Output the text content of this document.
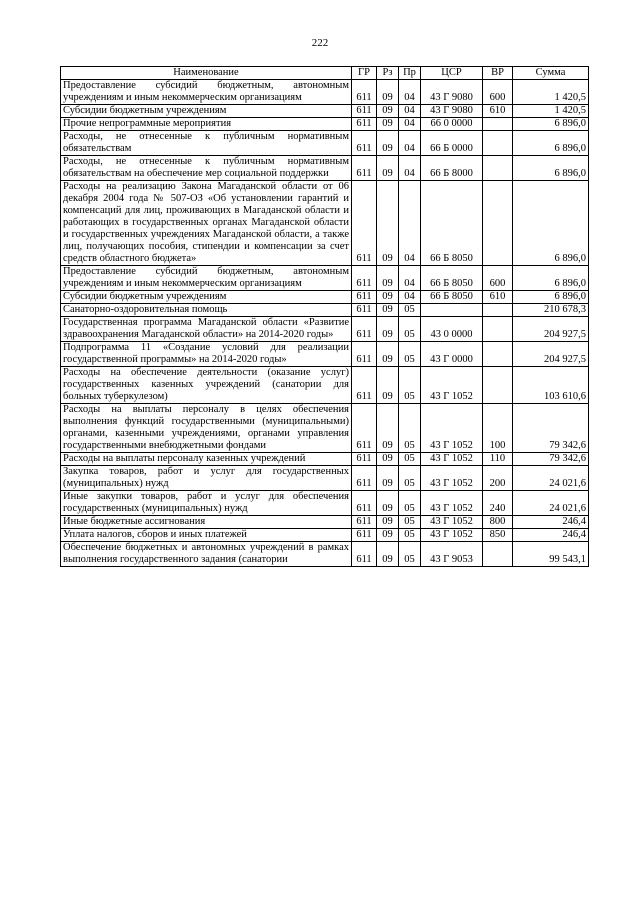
222
Наименование	ГР	Рз	Пр	ЦСР	ВР	Сумма
Предоставление субсидий бюджетным, автономным учреждениям и иным некоммерческим организациям	611	09	04	43 Г 9080	600	1 420,5
Субсидии бюджетным учреждениям	611	09	04	43 Г 9080	610	1 420,5
Прочие непрограммные мероприятия	611	09	04	66 0 0000		6 896,0
Расходы, не отнесенные к публичным нормативным обязательствам	611	09	04	66 Б 0000		6 896,0
Расходы, не отнесенные к публичным нормативным обязательствам на обеспечение мер социальной поддержки	611	09	04	66 Б 8000		6 896,0
Расходы на реализацию Закона Магаданской области от 06 декабря 2004 года № 507-ОЗ «Об установлении гарантий и компенсаций для лиц, проживающих в Магаданской области и работающих в государственных органах Магаданской области и государственных учреждениях Магаданской области, а также лиц, получающих пособия, стипендии и компенсации за счет средств областного бюджета»	611	09	04	66 Б 8050		6 896,0
Предоставление субсидий бюджетным, автономным учреждениям и иным некоммерческим организациям	611	09	04	66 Б 8050	600	6 896,0
Субсидии бюджетным учреждениям	611	09	04	66 Б 8050	610	6 896,0
Санаторно-оздоровительная помощь	611	09	05			210 678,3
Государственная программа Магаданской области «Развитие здравоохранения Магаданской области» на 2014-2020 годы»	611	09	05	43 0 0000		204 927,5
Подпрограмма 11 «Создание условий для реализации государственной программы» на 2014-2020 годы»	611	09	05	43 Г 0000		204 927,5
Расходы на обеспечение деятельности (оказание услуг) государственных казенных учреждений (санатории для больных туберкулезом)	611	09	05	43 Г 1052		103 610,6
Расходы на выплаты персоналу в целях обеспечения выполнения функций государственными (муниципальными) органами, казенными учреждениями, органами управления государственными внебюджетными фондами	611	09	05	43 Г 1052	100	79 342,6
Расходы на выплаты персоналу казенных учреждений	611	09	05	43 Г 1052	110	79 342,6
Закупка товаров, работ и услуг для государственных (муниципальных) нужд	611	09	05	43 Г 1052	200	24 021,6
Иные закупки товаров, работ и услуг для обеспечения государственных (муниципальных) нужд	611	09	05	43 Г 1052	240	24 021,6
Иные бюджетные ассигнования	611	09	05	43 Г 1052	800	246,4
Уплата налогов, сборов и иных платежей	611	09	05	43 Г 1052	850	246,4
Обеспечение бюджетных и автономных учреждений в рамках выполнения государственного задания (санатории	611	09	05	43 Г 9053		99 543,1
